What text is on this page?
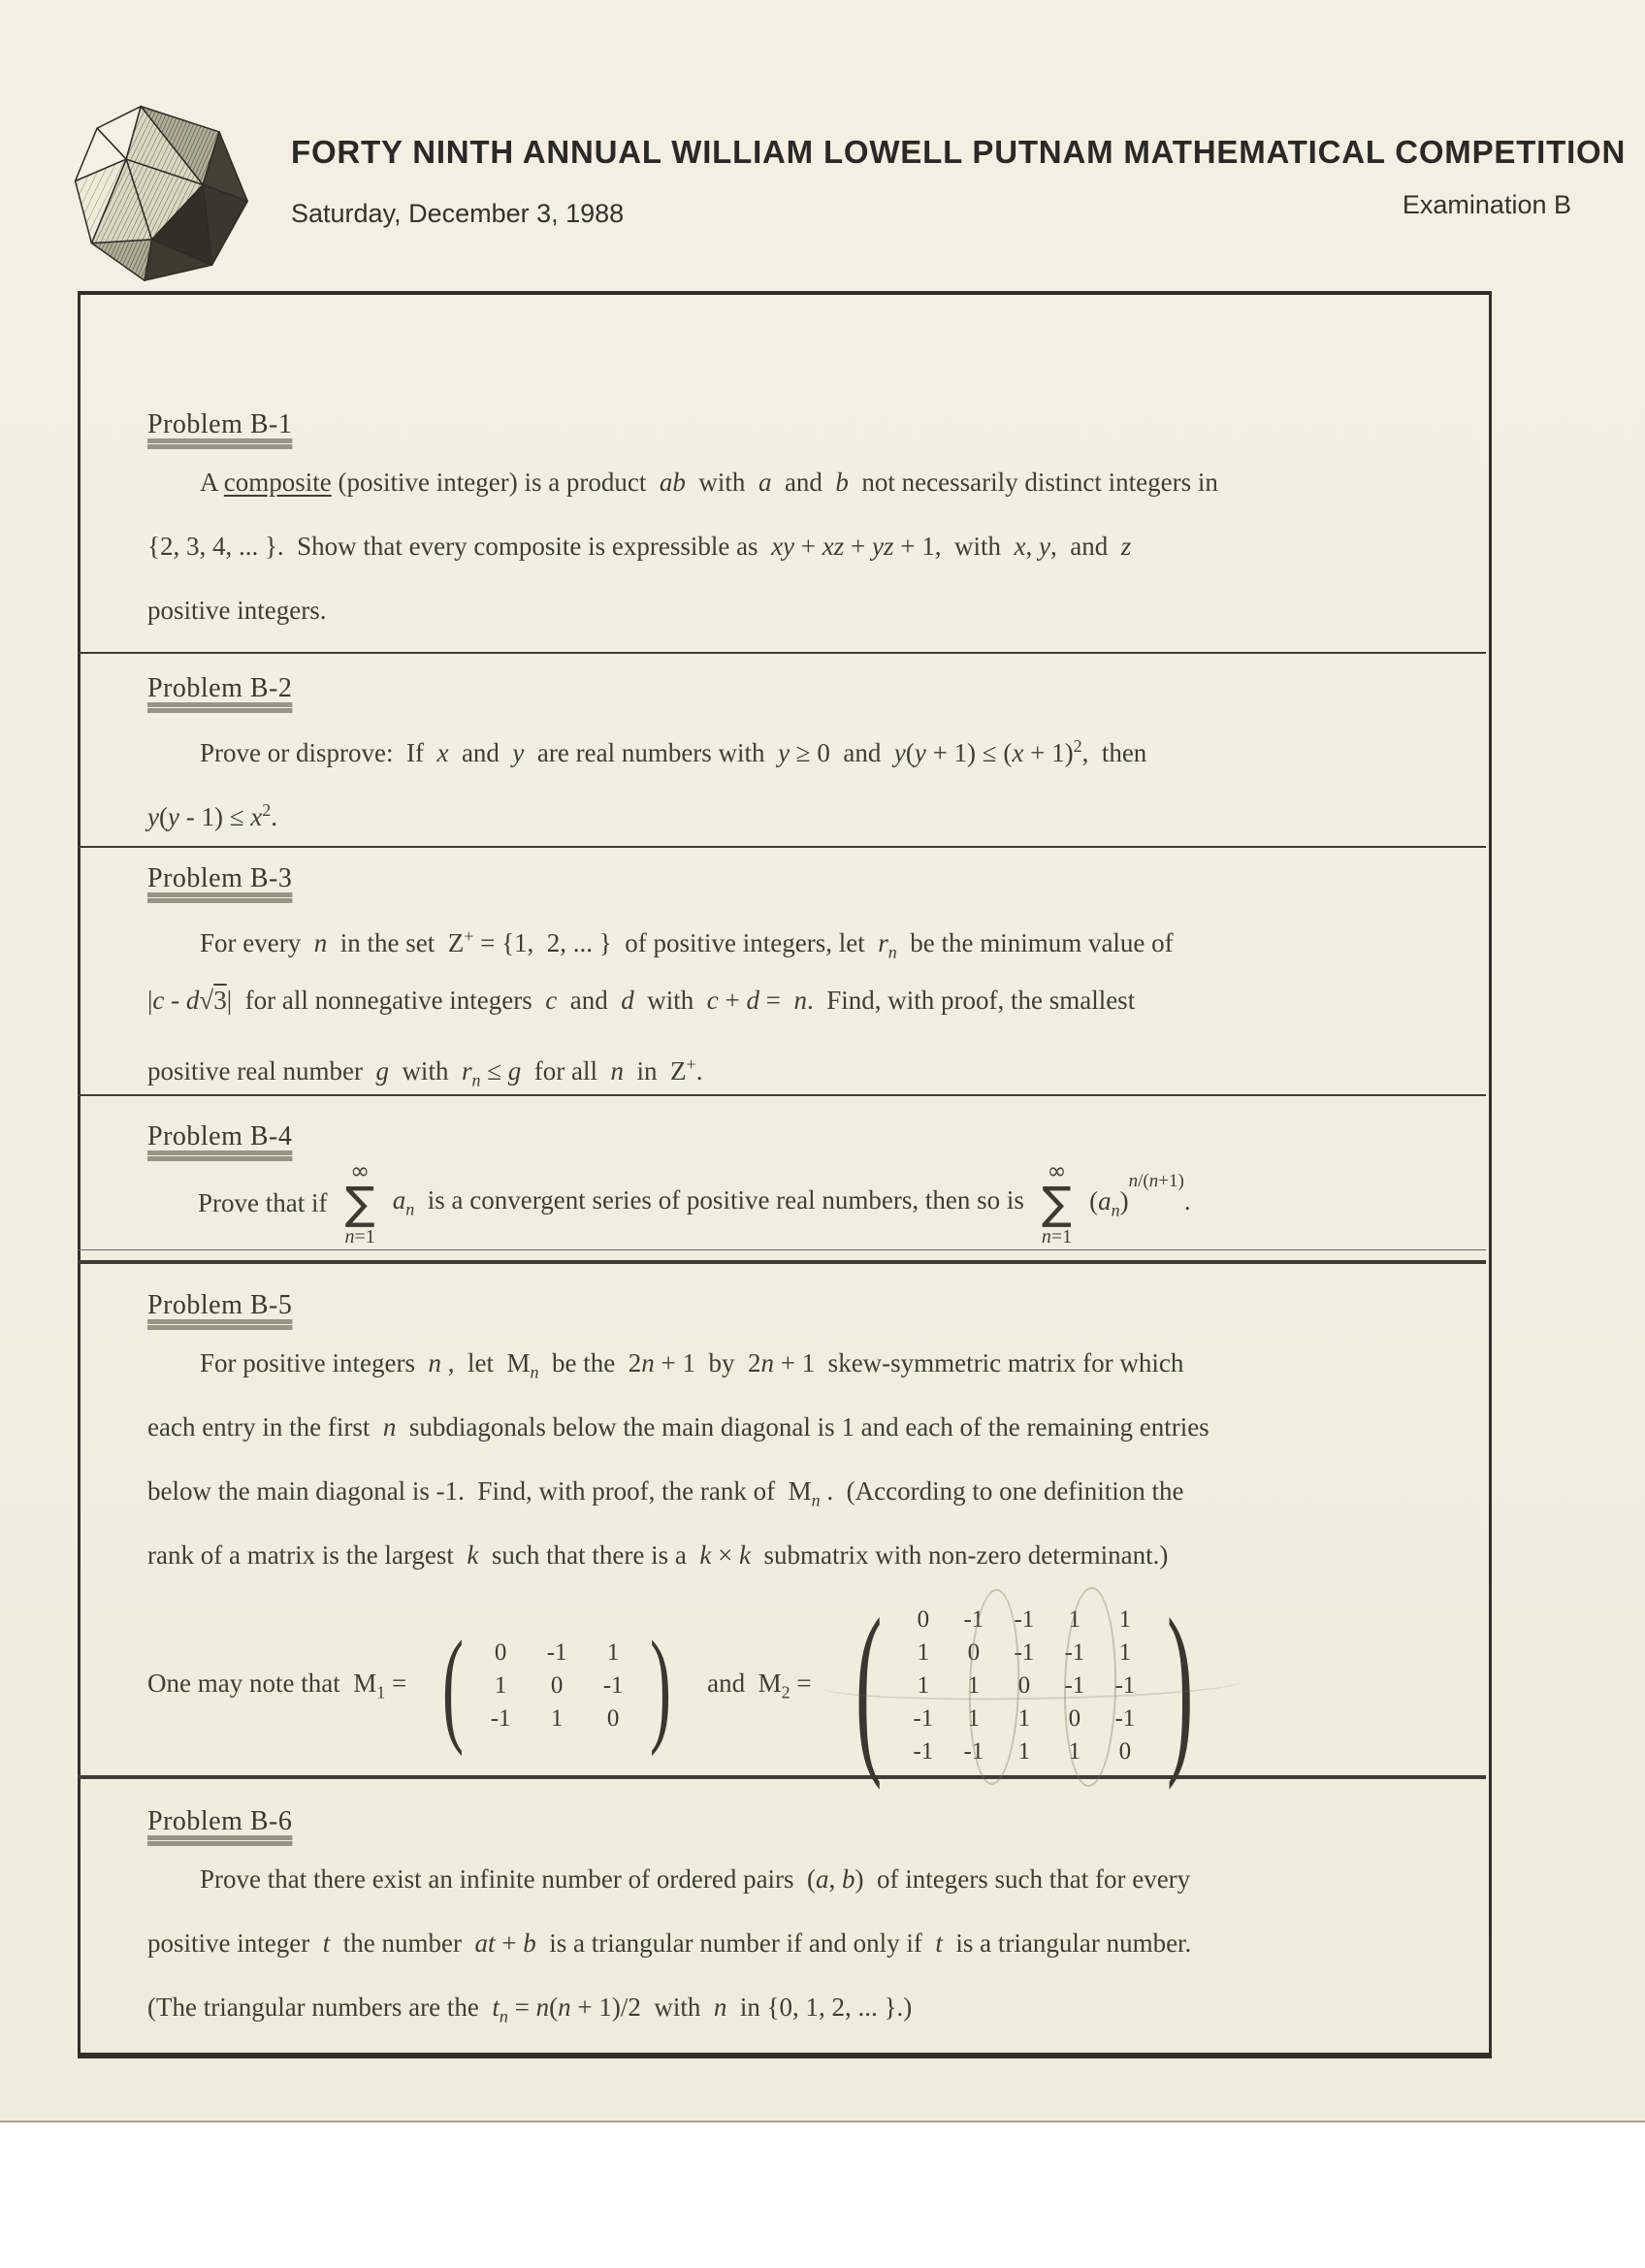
FORTY NINTH ANNUAL WILLIAM LOWELL PUTNAM MATHEMATICAL COMPETITION
Saturday, December 3, 1988	Examination B
Problem B-1
A composite (positive integer) is a product  ab  with  a  and  b  not necessarily distinct integers in
{2, 3, 4, ... }.  Show that every composite is expressible as  xy + xz + yz + 1,  with  x, y,  and  z
positive integers.
Problem B-2
Prove or disprove:  If  x  and  y  are real numbers with  y ≥ 0  and  $y(y + 1) \le (x + 1)^2$,  then
$y(y - 1) \le x^2$.
Problem B-3
For every  n  in the set  Z+ = {1,  2, ... }  of positive integers, let  $r_n$  be the minimum value of
|c - d√3|  for all nonnegative integers  c  and  d  with  c + d =  n.  Find, with proof, the smallest
positive real number  g  with  $r_n \le g$  for all  n  in  Z+.
Problem B-4
Prove that if
∞
∑
n=1
$a_n$  is a convergent series of positive real numbers, then so is
∞
∑
n=1
$(a_n)^{n/(n+1)}$.
Problem B-5
For positive integers  n ,  let  $M_n$  be the  2n + 1  by  2n + 1  skew-symmetric matrix for which
each entry in the first  n  subdiagonals below the main diagonal is 1 and each of the remaining entries
below the main diagonal is -1.  Find, with proof, the rank of  $M_n$ .  (According to one definition the
rank of a matrix is the largest  k  such that there is a  k × k  submatrix with non-zero determinant.)
One may note that  $M_1$ = (	0	-1	1
1	0	-1
-1	1	0 ) and  $M_2$ = (	0	-1	-1	1	1
1	0	-1	-1	1
1	1	0	-1	-1
-1	1	1	0	-1
-1	-1	1	1	0 )
Problem B-6
Prove that there exist an infinite number of ordered pairs  (a, b)  of integers such that for every
positive integer  t  the number  at + b  is a triangular number if and only if  t  is a triangular number.
(The triangular numbers are the  $t_n = n(n + 1)/2$  with  n  in {0, 1, 2, ... }.)
